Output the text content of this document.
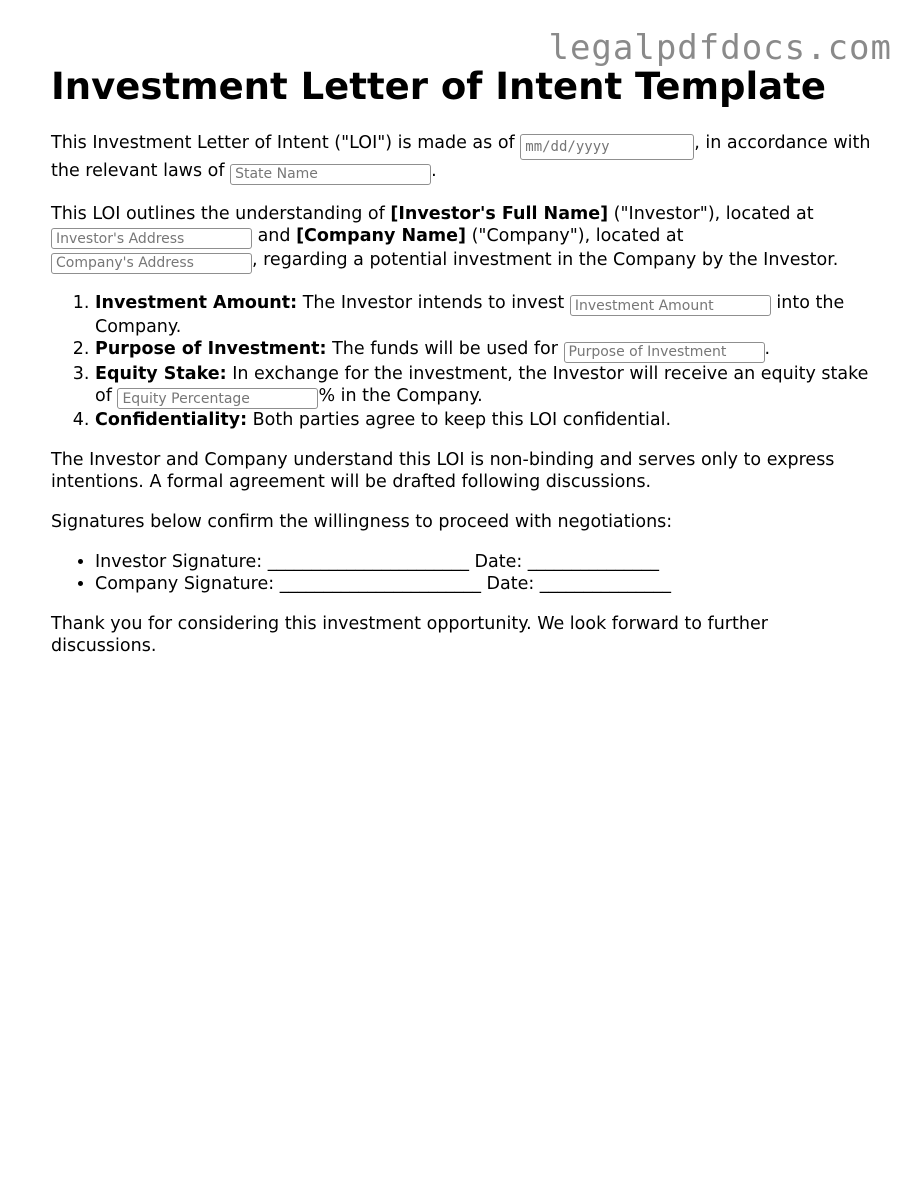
legalpdfdocs.com
Investment Letter of Intent Template

This Investment Letter of Intent ("LOI") is made as of mm/dd/yyyy	, in accordance with the relevant laws of State Name	.

This LOI outlines the understanding of [Investor's Full Name] ("Investor"), located at Investor's Address and [Company Name] ("Company"), located at Company's Address, regarding a potential investment in the Company by the Investor.

1. Investment Amount: The Investor intends to invest Investment Amount	into the Company.
2. Purpose of Investment: The funds will be used for Purpose of Investment	.
3. Equity Stake: In exchange for the investment, the Investor will receive an equity stake of Equity Percentage	% in the Company.
4. Confidentiality: Both parties agree to keep this LOI confidential.

The Investor and Company understand this LOI is non-binding and serves only to express intentions. A formal agreement will be drafted following discussions.

Signatures below confirm the willingness to proceed with negotiations:

• Investor Signature: _______________________ Date: _______________
• Company Signature: _______________________ Date: _______________

Thank you for considering this investment opportunity. We look forward to further discussions.
